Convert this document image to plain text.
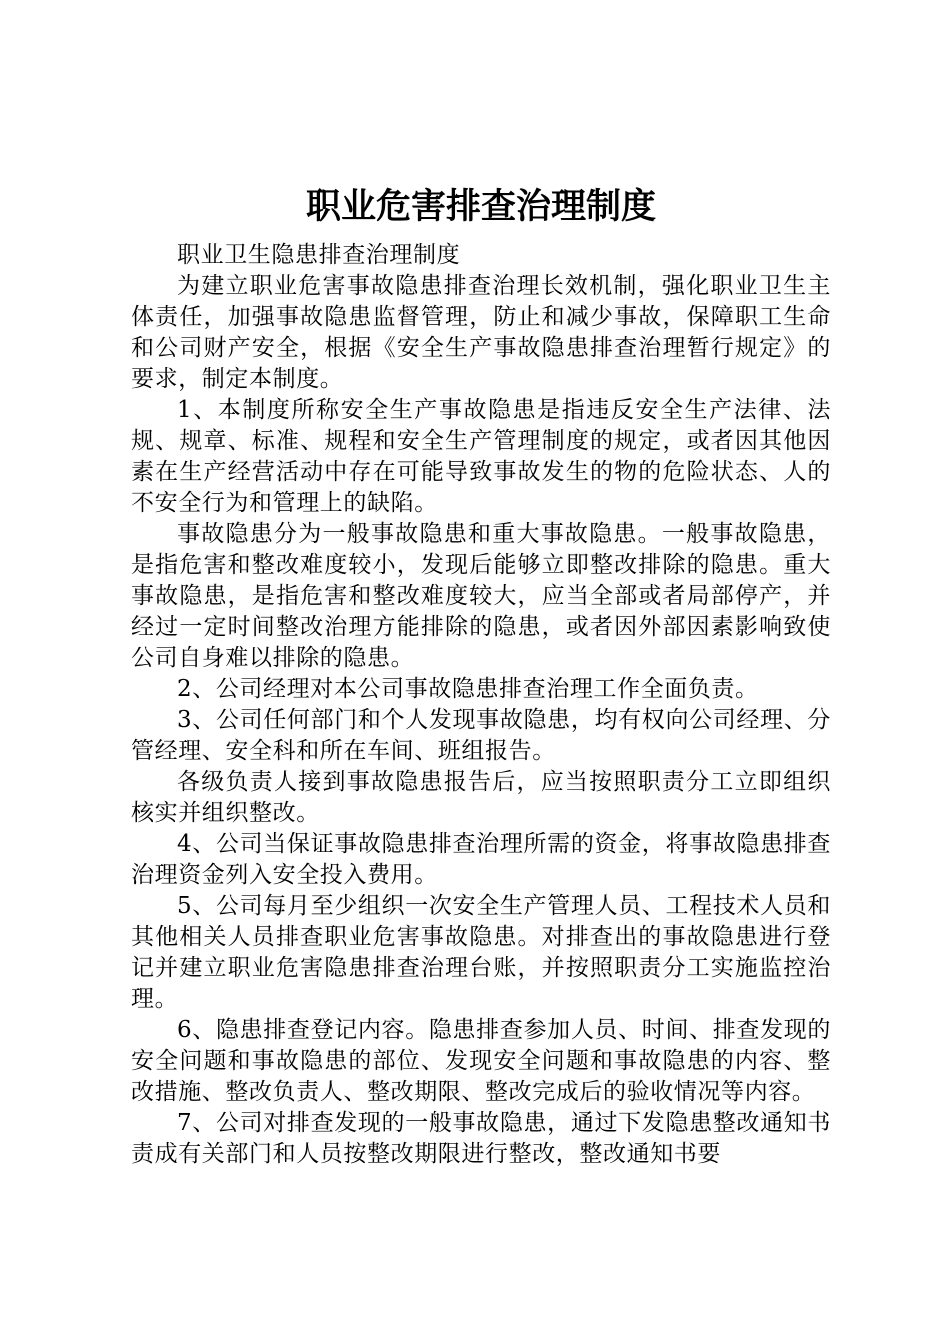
职业危害排查治理制度

职业卫生隐患排查治理制度

为建立职业危害事故隐患排查治理长效机制，强化职业卫生主体责任，加强事故隐患监督管理，防止和减少事故，保障职工生命和公司财产安全，根据《安全生产事故隐患排查治理暂行规定》的要求，制定本制度。

1、本制度所称安全生产事故隐患是指违反安全生产法律、法规、规章、标准、规程和安全生产管理制度的规定，或者因其他因素在生产经营活动中存在可能导致事故发生的物的危险状态、人的不安全行为和管理上的缺陷。

事故隐患分为一般事故隐患和重大事故隐患。一般事故隐患，是指危害和整改难度较小，发现后能够立即整改排除的隐患。重大事故隐患，是指危害和整改难度较大，应当全部或者局部停产，并经过一定时间整改治理方能排除的隐患，或者因外部因素影响致使公司自身难以排除的隐患。

2、公司经理对本公司事故隐患排查治理工作全面负责。

3、公司任何部门和个人发现事故隐患，均有权向公司经理、分管经理、安全科和所在车间、班组报告。

各级负责人接到事故隐患报告后，应当按照职责分工立即组织核实并组织整改。

4、公司当保证事故隐患排查治理所需的资金，将事故隐患排查治理资金列入安全投入费用。

5、公司每月至少组织一次安全生产管理人员、工程技术人员和其他相关人员排查职业危害事故隐患。对排查出的事故隐患进行登记并建立职业危害隐患排查治理台账，并按照职责分工实施监控治理。

6、隐患排查登记内容。隐患排查参加人员、时间、排查发现的安全问题和事故隐患的部位、发现安全问题和事故隐患的内容、整改措施、整改负责人、整改期限、整改完成后的验收情况等内容。

7、公司对排查发现的一般事故隐患，通过下发隐患整改通知书责成有关部门和人员按整改期限进行整改，整改通知书要
